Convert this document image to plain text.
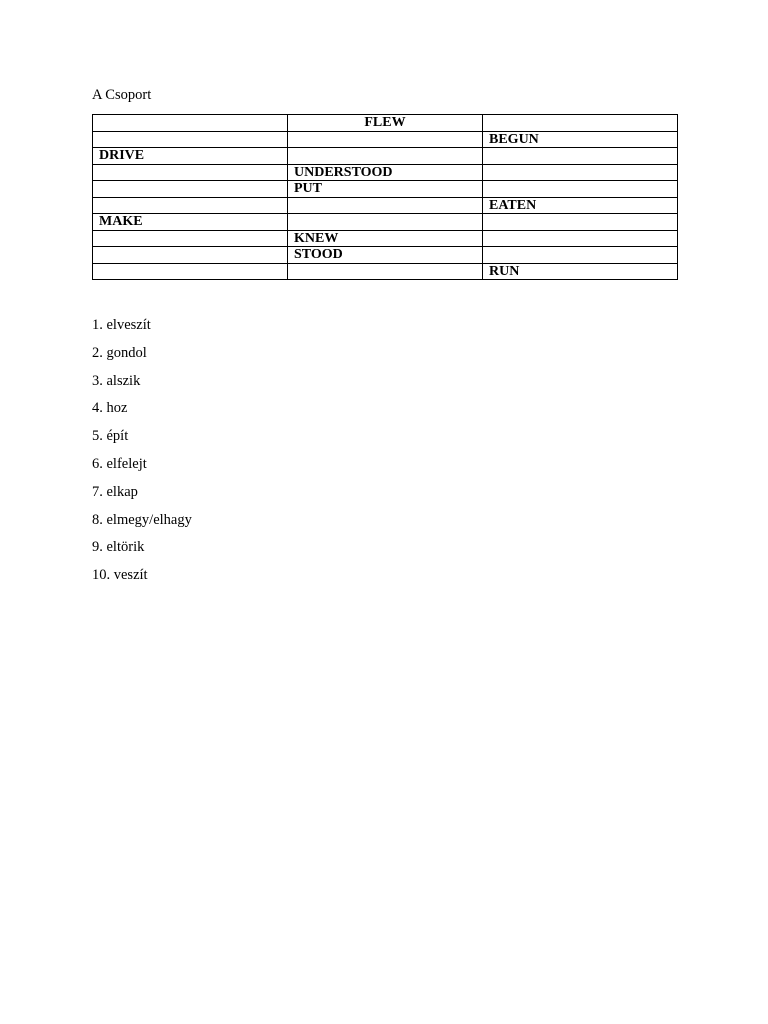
A Csoport
	FLEW	
		BEGUN
DRIVE		
	UNDERSTOOD	
	PUT	
		EATEN
MAKE		
	KNEW	
	STOOD	
		RUN
1. elveszít
2. gondol
3. alszik
4. hoz
5. épít
6. elfelejt
7. elkap
8. elmegy/elhagy
9. eltörik
10. veszít
